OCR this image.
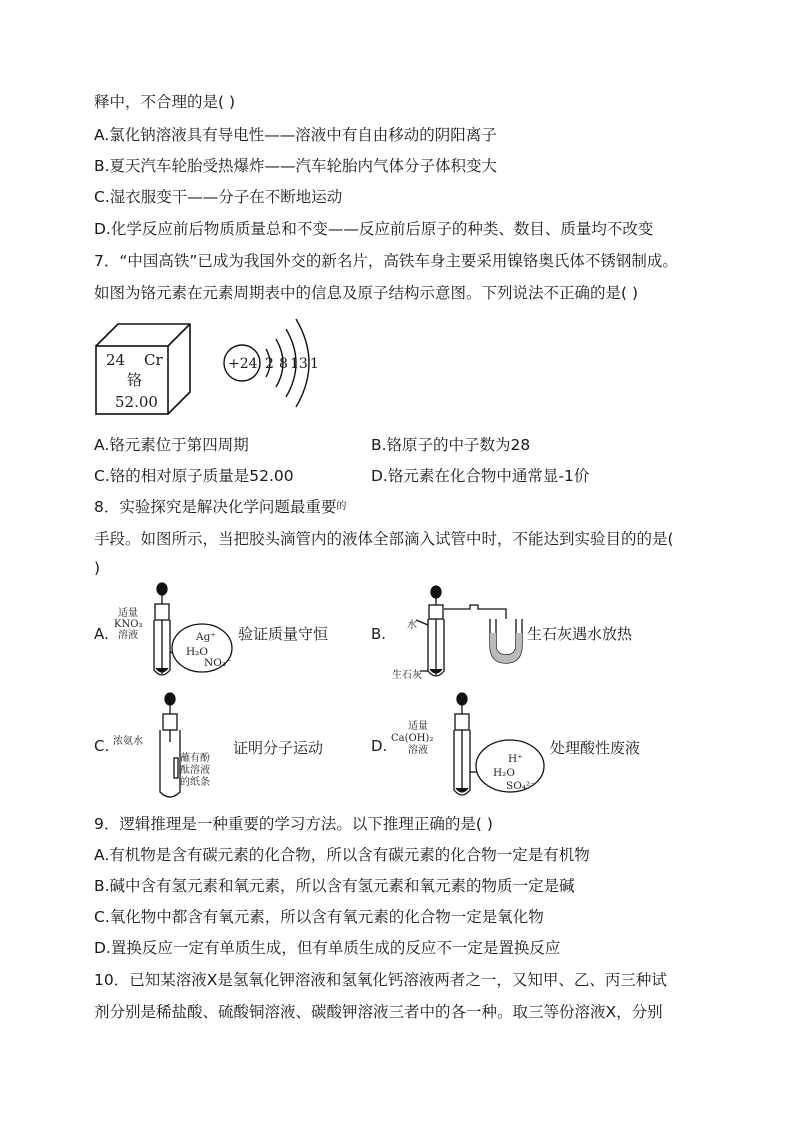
释中，不合理的是( )
A.氯化钠溶液具有导电性——溶液中有自由移动的阴阳离子
B.夏天汽车轮胎受热爆炸——汽车轮胎内气体分子体积变大
C.湿衣服变干——分子在不断地运动
D.化学反应前后物质质量总和不变——反应前后原子的种类、数目、质量均不改变
7．“中国高铁”已成为我国外交的新名片，高铁车身主要采用镍铬奥氏体不锈钢制成。
如图为铬元素在元素周期表中的信息及原子结构示意图。下列说法不正确的是( )
24 Cr
铬
52.00
+24 2 8 13 1
A.铬元素位于第四周期	B.铬原子的中子数为28
C.铬的相对原子质量是52.00	D.铬元素在化合物中通常显-1价
8．实验探究是解决化学问题最重要$^的$
手段。如图所示，当把胶头滴管内的液体全部滴入试管中时，不能达到实验目的的是(
)
A.
适量
KNO₃
溶液	Ag⁺
H₂O
NO₃⁻
验证质量守恒	B. 水
生石灰
生石灰遇水放热
C. 浓氨水
蘸有酚
酞溶液
的纸条
证明分子运动	D.
适量
Ca(OH)₂
溶液
H⁺
H₂O
SO₄²⁻
处理酸性废液
9．逻辑推理是一种重要的学习方法。以下推理正确的是( )
A.有机物是含有碳元素的化合物，所以含有碳元素的化合物一定是有机物
B.碱中含有氢元素和氧元素，所以含有氢元素和氧元素的物质一定是碱
C.氧化物中都含有氧元素，所以含有氧元素的化合物一定是氧化物
D.置换反应一定有单质生成，但有单质生成的反应不一定是置换反应
10．已知某溶液X是氢氧化钾溶液和氢氧化钙溶液两者之一，又知甲、乙、丙三种试
剂分别是稀盐酸、硫酸铜溶液、碳酸钾溶液三者中的各一种。取三等份溶液X，分别
